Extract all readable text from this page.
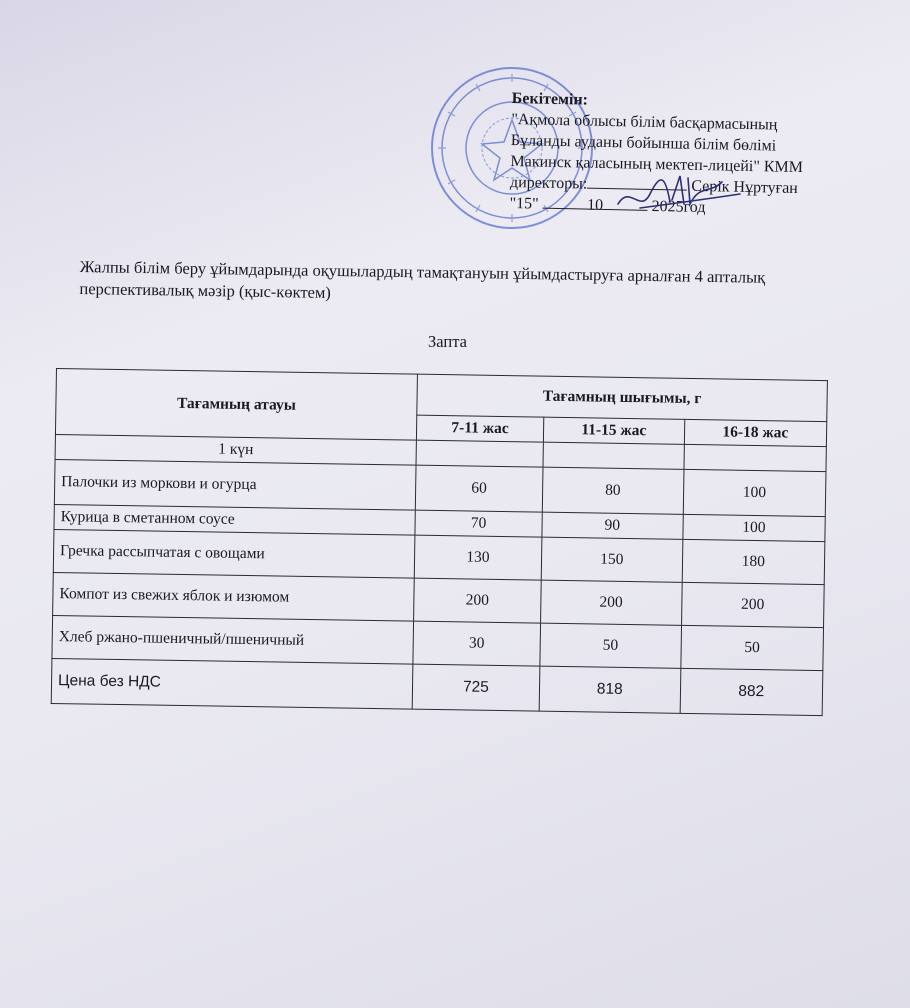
Бекітемін:
"Ақмола облысы білім басқармасының
Бұланды ауданы бойынша білім бөлімі
Макинск қаласының мектеп-лицейі" КММ
директоры:	Серік Нұртуған
"15"	10	2025год
Жалпы білім беру ұйымдарында оқушылардың тамақтануын ұйымдастыруға арналған 4 апталық перспективалық мәзір (қыс-көктем)
Запта
Тағамның атауы	Тағамның шығымы, г		
	7-11 жас	11-15 жас	16-18 жас
1 күн			
Палочки из моркови и огурца	60	80	100
Курица в сметанном соусе	70	90	100
Гречка рассыпчатая с овощами	130	150	180
Компот из свежих яблок и изюмом	200	200	200
Хлеб ржано-пшеничный/пшеничный	30	50	50
Цена без НДС	725	818	882
